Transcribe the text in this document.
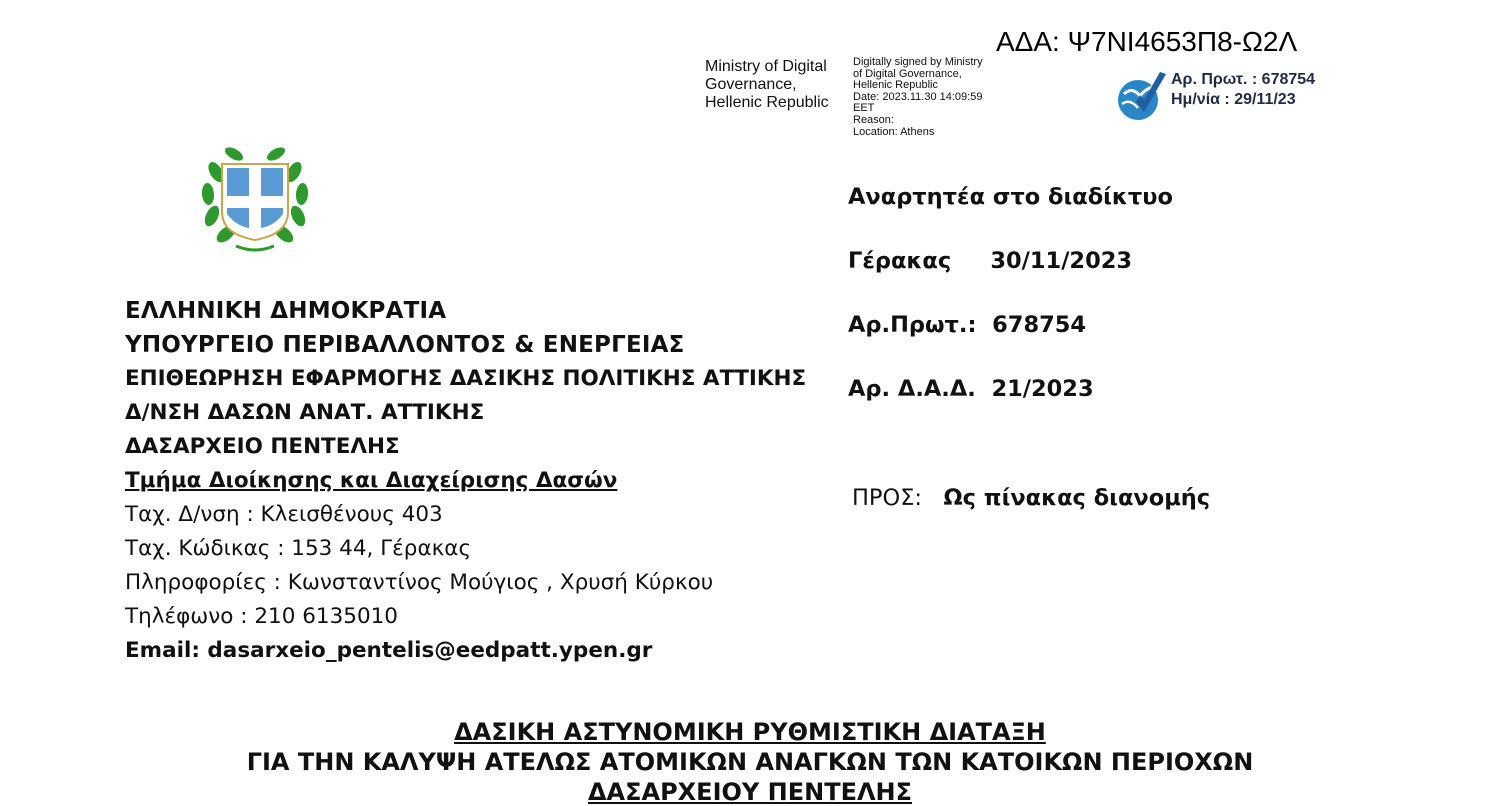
ΑΔΑ: Ψ7ΝΙ4653Π8-Ω2Λ
Ministry of Digital
Governance,
Hellenic Republic
Digitally signed by Ministry
of Digital Governance,
Hellenic Republic
Date: 2023.11.30 14:09:59
EET
Reason:
Location: Athens
Αρ. Πρωτ. : 678754
Ημ/νία : 29/11/23
ΕΛΛΗΝΙΚΗ ΔΗΜΟΚΡΑΤΙΑ
ΥΠΟΥΡΓΕΙΟ ΠΕΡΙΒΑΛΛΟΝΤΟΣ & ΕΝΕΡΓΕΙΑΣ
ΕΠΙΘΕΩΡΗΣΗ ΕΦΑΡΜΟΓΗΣ ΔΑΣΙΚΗΣ ΠΟΛΙΤΙΚΗΣ ΑΤΤΙΚΗΣ
Δ/ΝΣΗ ΔΑΣΩΝ ΑΝΑΤ. ΑΤΤΙΚΗΣ
ΔΑΣΑΡΧΕΙΟ ΠΕΝΤΕΛΗΣ
Τμήμα Διοίκησης και Διαχείρισης Δασών
Ταχ. Δ/νση : Κλεισθένους 403
Ταχ. Κώδικας : 153 44, Γέρακας
Πληροφορίες : Κωνσταντίνος Μούγιος , Χρυσή Κύρκου
Τηλέφωνο : 210 6135010
Email: dasarxeio_pentelis@eedpatt.ypen.gr
Αναρτητέα στο διαδίκτυο
Γέρακας     30/11/2023
Αρ.Πρωτ.:  678754
Αρ. Δ.Α.Δ.  21/2023
ΠΡΟΣ: Ως πίνακας διανομής
ΔΑΣΙΚΗ ΑΣΤΥΝΟΜΙΚΗ ΡΥΘΜΙΣΤΙΚΗ ΔΙΑΤΑΞΗ
ΓΙΑ ΤΗΝ ΚΑΛΥΨΗ ΑΤΕΛΩΣ ΑΤΟΜΙΚΩΝ ΑΝΑΓΚΩΝ ΤΩΝ ΚΑΤΟΙΚΩΝ ΠΕΡΙΟΧΩΝ
ΔΑΣΑΡΧΕΙΟΥ ΠΕΝΤΕΛΗΣ
